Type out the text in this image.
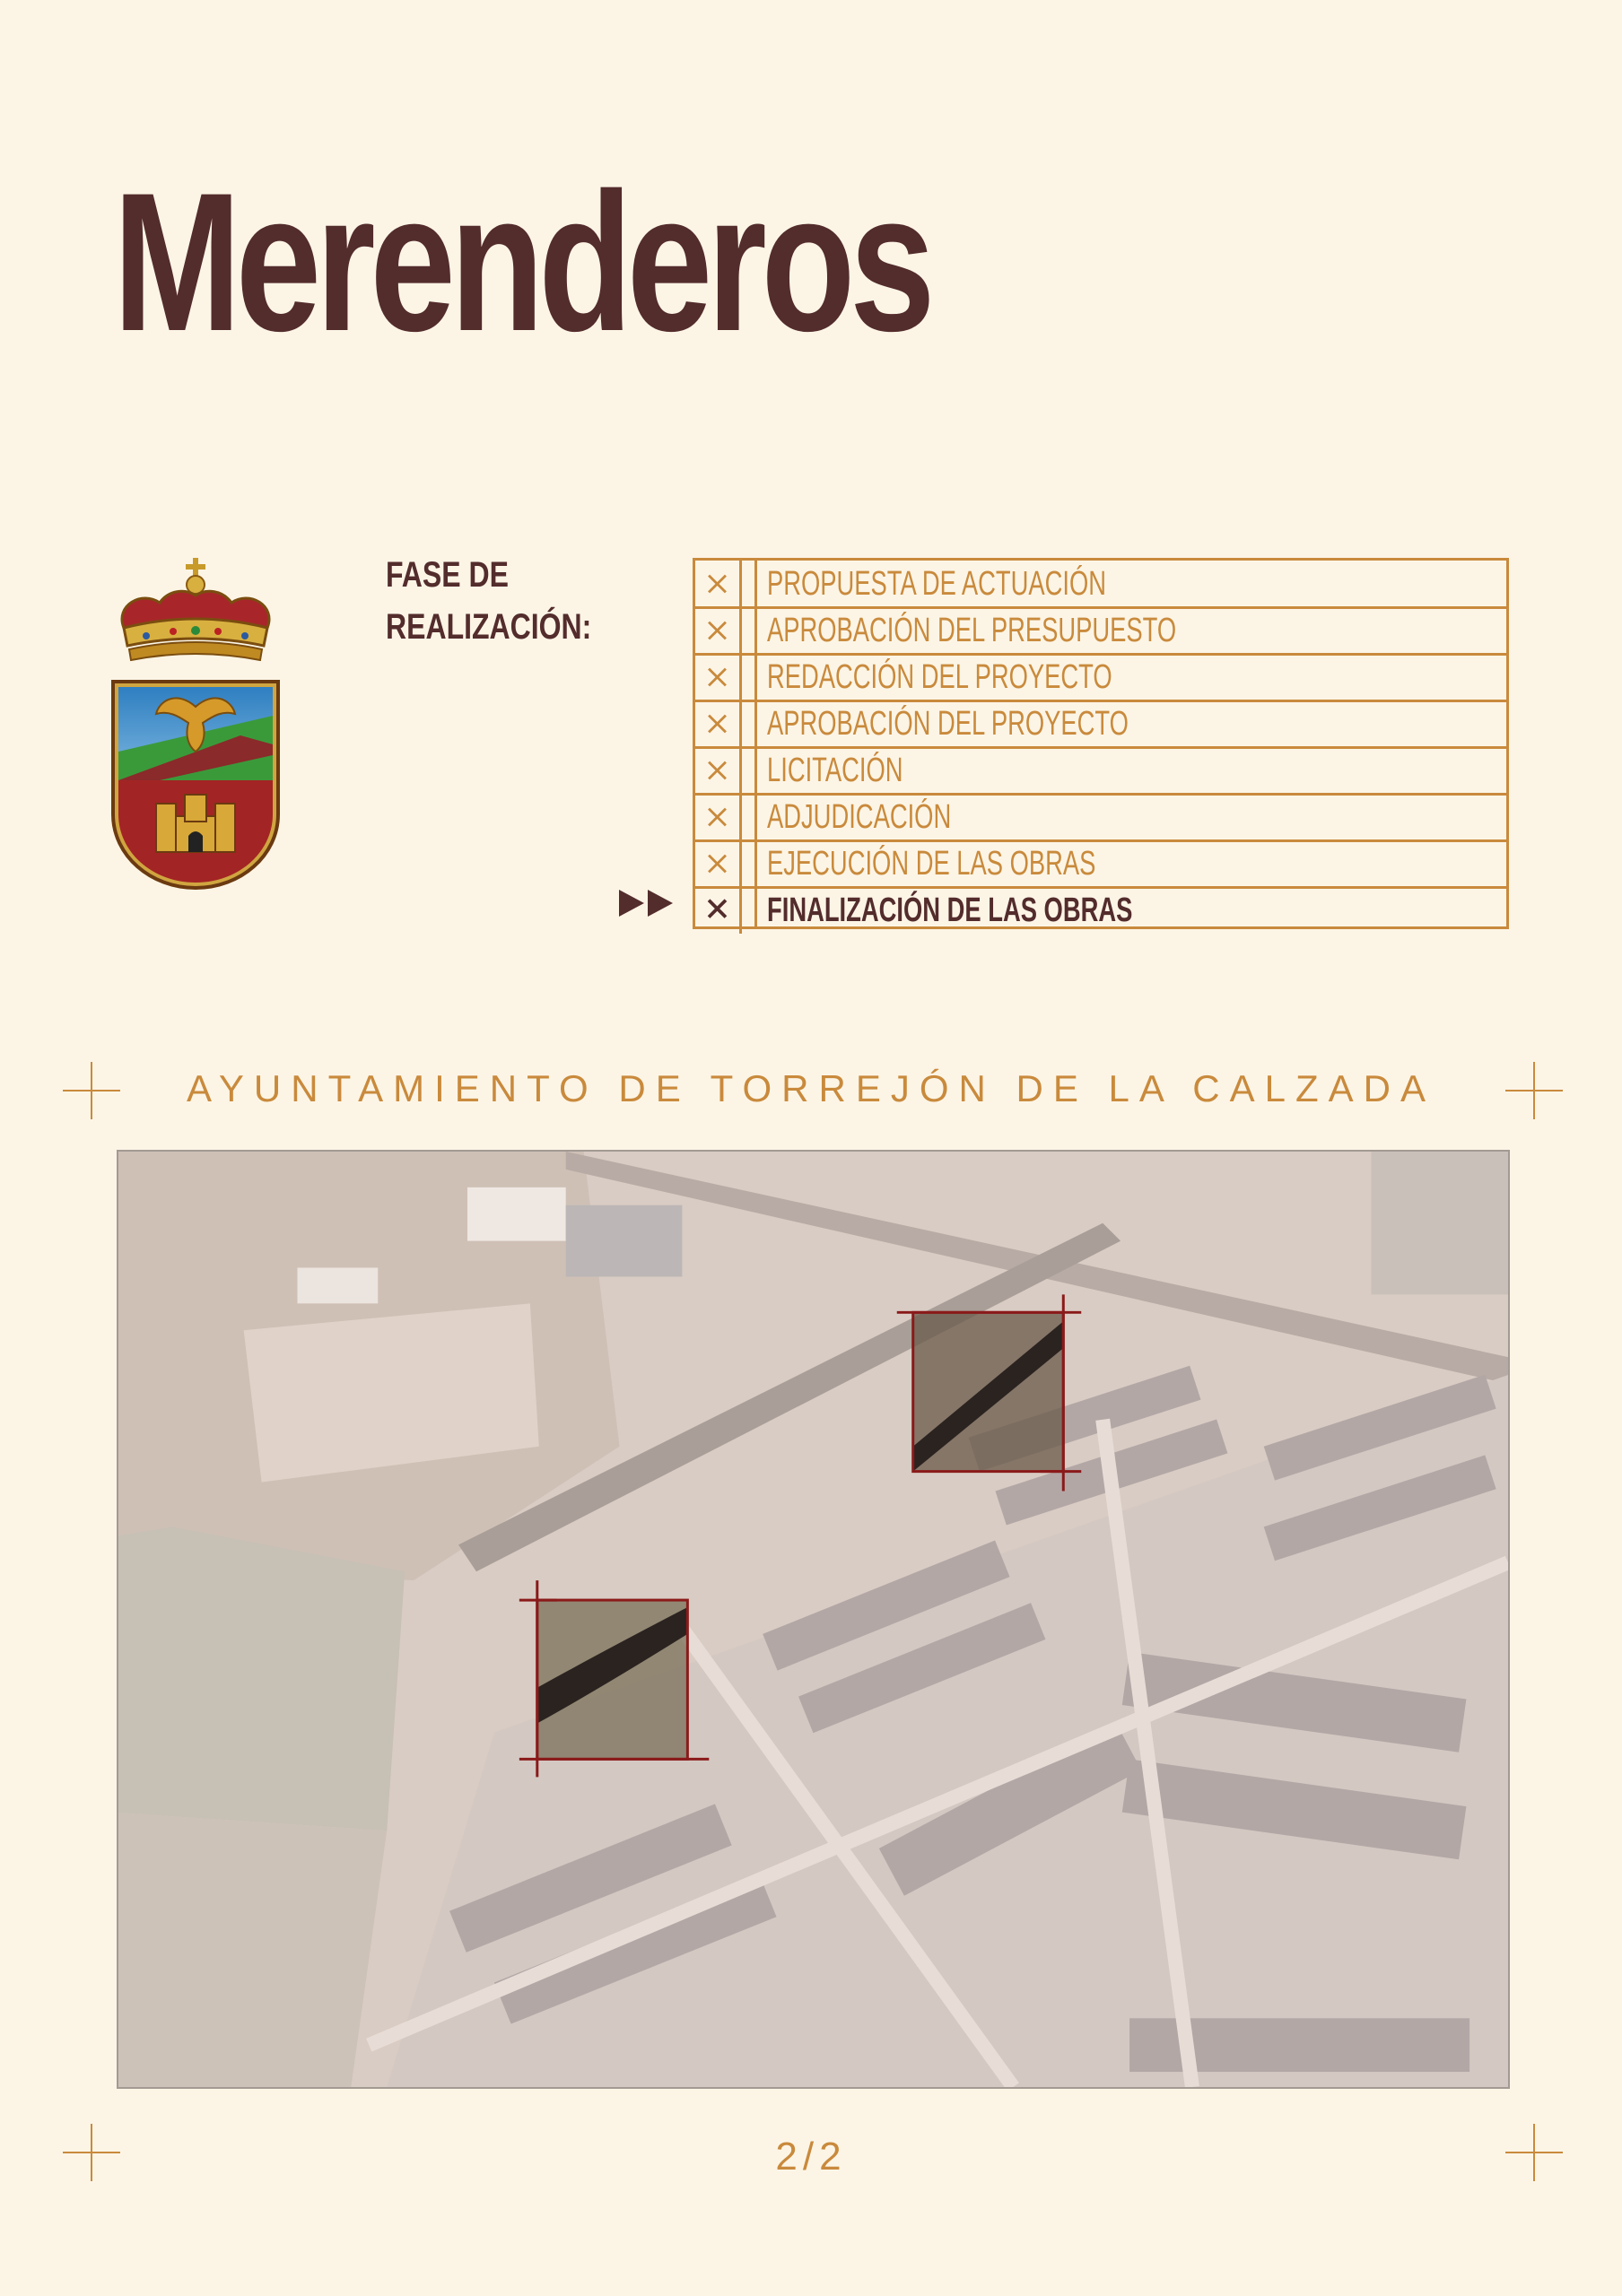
Merenderos
FASE DE
REALIZACIÓN:
PROPUESTA DE ACTUACIÓN
APROBACIÓN DEL PRESUPUESTO
REDACCIÓN DEL PROYECTO
APROBACIÓN DEL PROYECTO
LICITACIÓN
ADJUDICACIÓN
EJECUCIÓN DE LAS OBRAS
FINALIZACIÓN DE LAS OBRAS
AYUNTAMIENTO DE TORREJÓN DE LA CALZADA
2/2
